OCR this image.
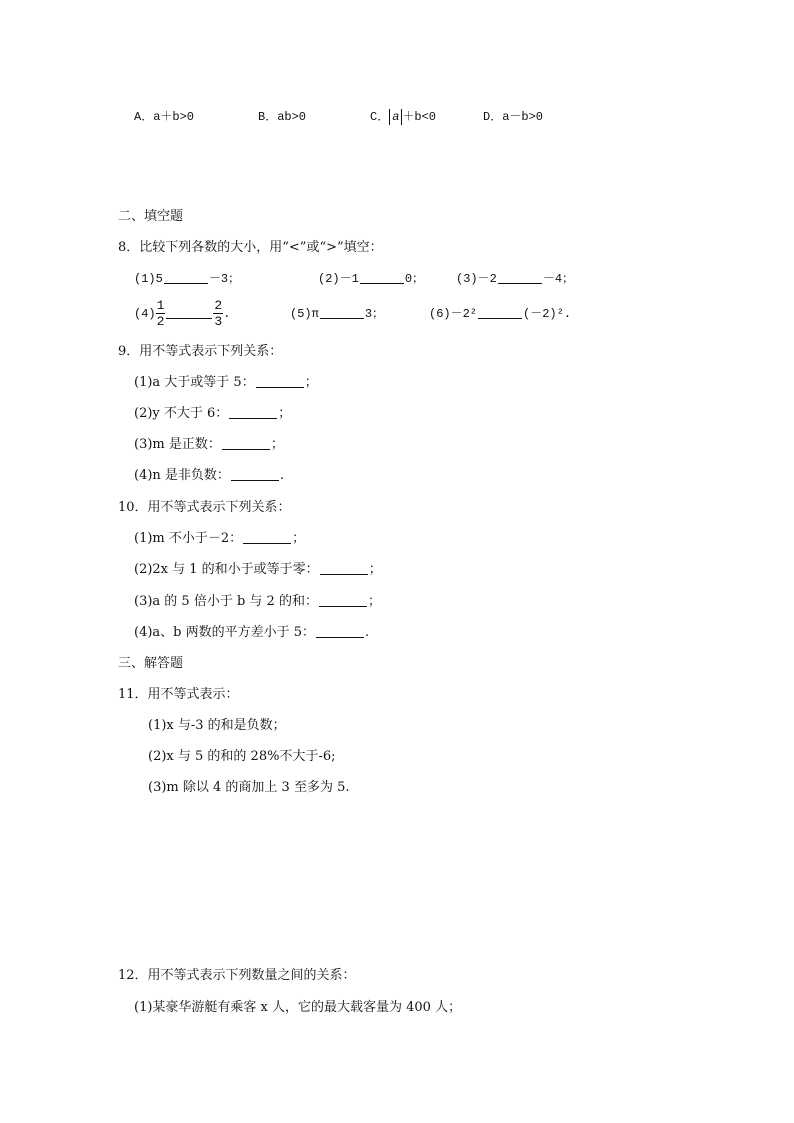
A．a＋b>0	B．ab>0	C． a ＋b<0	D．a－b>0
二、填空题
8．比较下列各数的大小，用“<”或“>”填空：
(1)5	－3；	(2)－1	0；	(3)－2	－4；
$(4) \frac{1}{2}$	$\frac{2}{3}$ .	(5)π	3；	(6)－2²	(－2)².
9．用不等式表示下列关系：
(1)a 大于或等于 5：	；
(2)y 不大于 6：	；
(3)m 是正数：	；
(4)n 是非负数：	.
10．用不等式表示下列关系：
(1)m 不小于－2：	；
(2)2x 与 1 的和小于或等于零：	；
(3)a 的 5 倍小于 b 与 2 的和：	；
(4)a、b 两数的平方差小于 5：	.
三、解答题
11．用不等式表示：
(1)x 与-3 的和是负数；
(2)x 与 5 的和的 28%不大于-6;
(3)m 除以 4 的商加上 3 至多为 5.
12．用不等式表示下列数量之间的关系：
(1)某豪华游艇有乘客 x 人，它的最大载客量为 400 人；
